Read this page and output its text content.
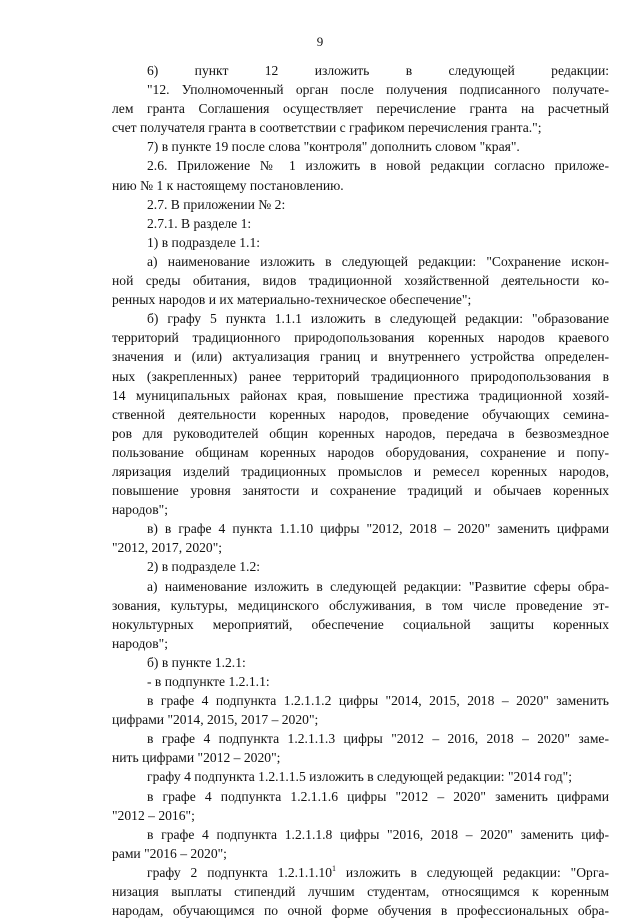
9
6) пункт 12 изложить в следующей редакции:
"12. Уполномоченный орган после получения подписанного получате-
лем гранта Соглашения осуществляет перечисление гранта на расчетный
счет получателя гранта в соответствии с графиком перечисления гранта.";
7) в пункте 19 после слова "контроля" дополнить словом "края".
2.6. Приложение № 1 изложить в новой редакции согласно приложе-
нию № 1 к настоящему постановлению.
2.7. В приложении № 2:
2.7.1. В разделе 1:
1) в подразделе 1.1:
а) наименование изложить в следующей редакции: "Сохранение искон-
ной среды обитания, видов традиционной хозяйственной деятельности ко-
ренных народов и их материально-техническое обеспечение";
б) графу 5 пункта 1.1.1 изложить в следующей редакции: "образование
территорий традиционного природопользования коренных народов краевого
значения и (или) актуализация границ и внутреннего устройства определен-
ных (закрепленных) ранее территорий традиционного природопользования в
14 муниципальных районах края, повышение престижа традиционной хозяй-
ственной деятельности коренных народов, проведение обучающих семина-
ров для руководителей общин коренных народов, передача в безвозмездное
пользование общинам коренных народов оборудования, сохранение и попу-
ляризация изделий традиционных промыслов и ремесел коренных народов,
повышение уровня занятости и сохранение традиций и обычаев коренных
народов";
в) в графе 4 пункта 1.1.10 цифры "2012, 2018 – 2020" заменить цифрами
"2012, 2017, 2020";
2) в подразделе 1.2:
а) наименование изложить в следующей редакции: "Развитие сферы обра-
зования, культуры, медицинского обслуживания, в том числе проведение эт-
нокультурных мероприятий, обеспечение социальной защиты коренных
народов";
б) в пункте 1.2.1:
- в подпункте 1.2.1.1:
в графе 4 подпункта 1.2.1.1.2 цифры "2014, 2015, 2018 – 2020" заменить
цифрами "2014, 2015, 2017 – 2020";
в графе 4 подпункта 1.2.1.1.3 цифры "2012 – 2016, 2018 – 2020" заме-
нить цифрами "2012 – 2020";
графу 4 подпункта 1.2.1.1.5 изложить в следующей редакции: "2014 год";
в графе 4 подпункта 1.2.1.1.6 цифры "2012 – 2020" заменить цифрами
"2012 – 2016";
в графе 4 подпункта 1.2.1.1.8 цифры "2016, 2018 – 2020" заменить циф-
рами "2016 – 2020";
графу 2 подпункта 1.2.1.1.10$^1$ изложить в следующей редакции: "Орга-
низация выплаты стипендий лучшим студентам, относящимся к коренным
народам, обучающимся по очной форме обучения в профессиональных обра-
